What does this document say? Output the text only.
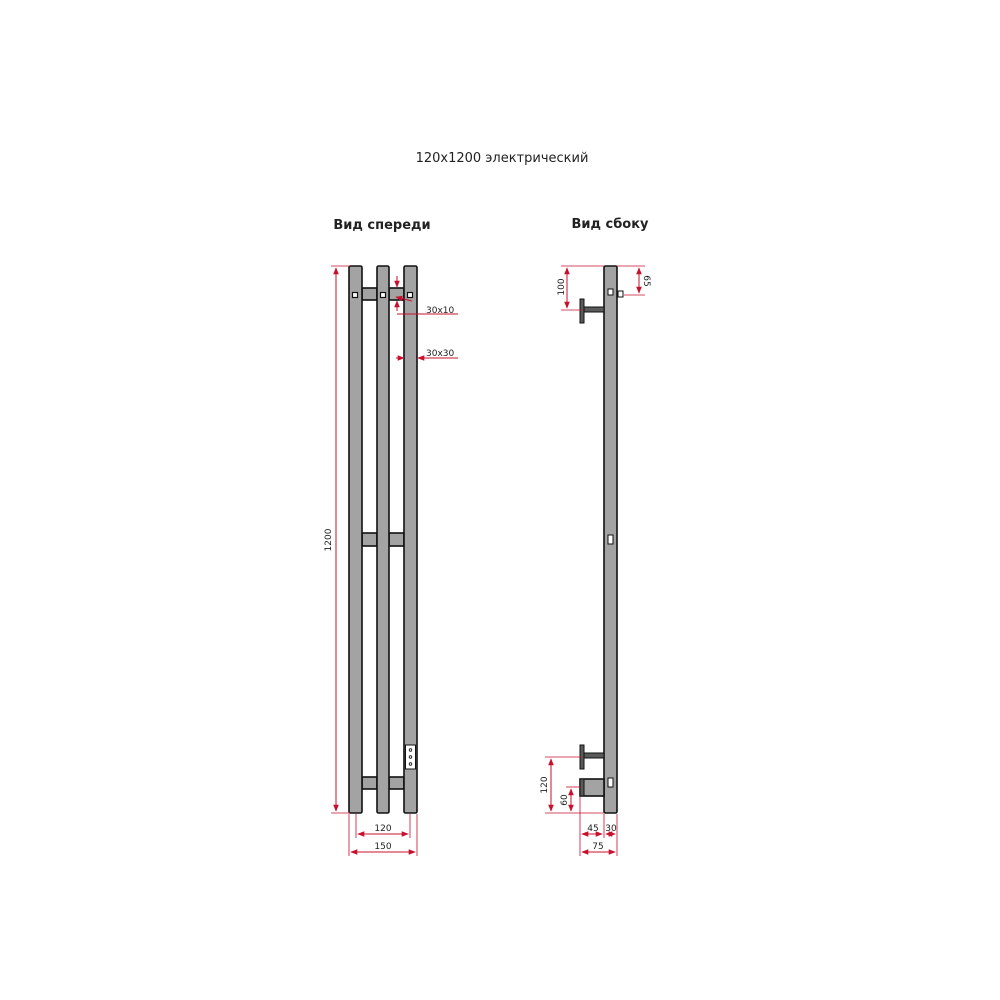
120x1200 электрический
Вид спереди
1200
30x10
30x30
120
150
Вид сбоку
100	65
120
60
45 30
75
